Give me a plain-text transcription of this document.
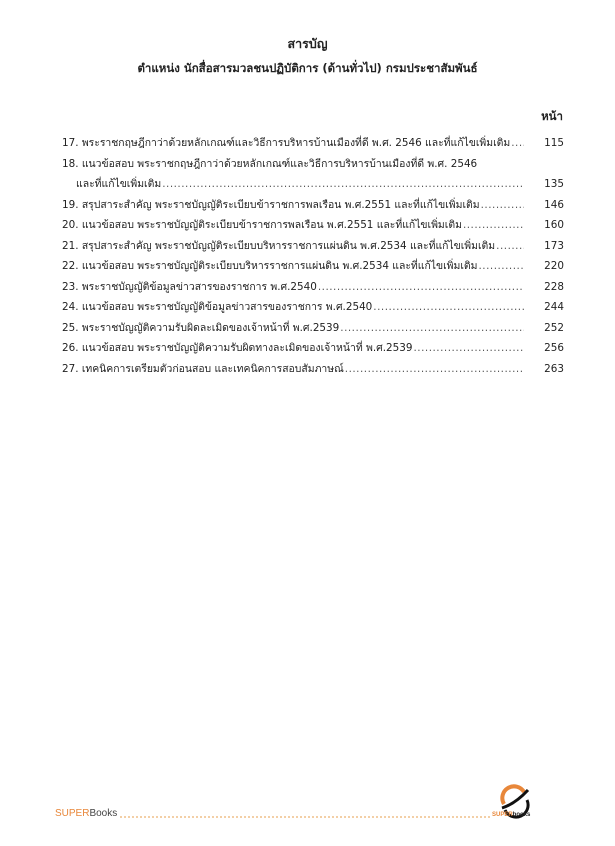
สารบัญ
ตำแหน่ง นักสื่อสารมวลชนปฏิบัติการ (ด้านทั่วไป) กรมประชาสัมพันธ์
หน้า
17. พระราชกฤษฎีกาว่าด้วยหลักเกณฑ์และวิธีการบริหารบ้านเมืองที่ดี พ.ศ. 2546 และที่แก้ไขเพิ่มเติม .....	115
18. แนวข้อสอบ พระราชกฤษฎีกาว่าด้วยหลักเกณฑ์และวิธีการบริหารบ้านเมืองที่ดี พ.ศ. 2546
และที่แก้ไขเพิ่มเติม .....	135
19. สรุปสาระสำคัญ พระราชบัญญัติระเบียบข้าราชการพลเรือน พ.ศ.2551 และที่แก้ไขเพิ่มเติม .....	146
20. แนวข้อสอบ พระราชบัญญัติระเบียบข้าราชการพลเรือน พ.ศ.2551 และที่แก้ไขเพิ่มเติม .....	160
21. สรุปสาระสำคัญ พระราชบัญญัติระเบียบบริหารราชการแผ่นดิน พ.ศ.2534 และที่แก้ไขเพิ่มเติม .....	173
22. แนวข้อสอบ พระราชบัญญัติระเบียบบริหารราชการแผ่นดิน พ.ศ.2534 และที่แก้ไขเพิ่มเติม .....	220
23. พระราชบัญญัติข้อมูลข่าวสารของราชการ พ.ศ.2540 .....	228
24. แนวข้อสอบ พระราชบัญญัติข้อมูลข่าวสารของราชการ พ.ศ.2540 .....	244
25. พระราชบัญญัติความรับผิดละเมิดของเจ้าหน้าที่ พ.ศ.2539 .....	252
26. แนวข้อสอบ พระราชบัญญัติความรับผิดทางละเมิดของเจ้าหน้าที่ พ.ศ.2539 .....	256
27. เทคนิคการเตรียมตัวก่อนสอบ และเทคนิคการสอบสัมภาษณ์ .....	263
SUPERBooks	SUPERbooks
